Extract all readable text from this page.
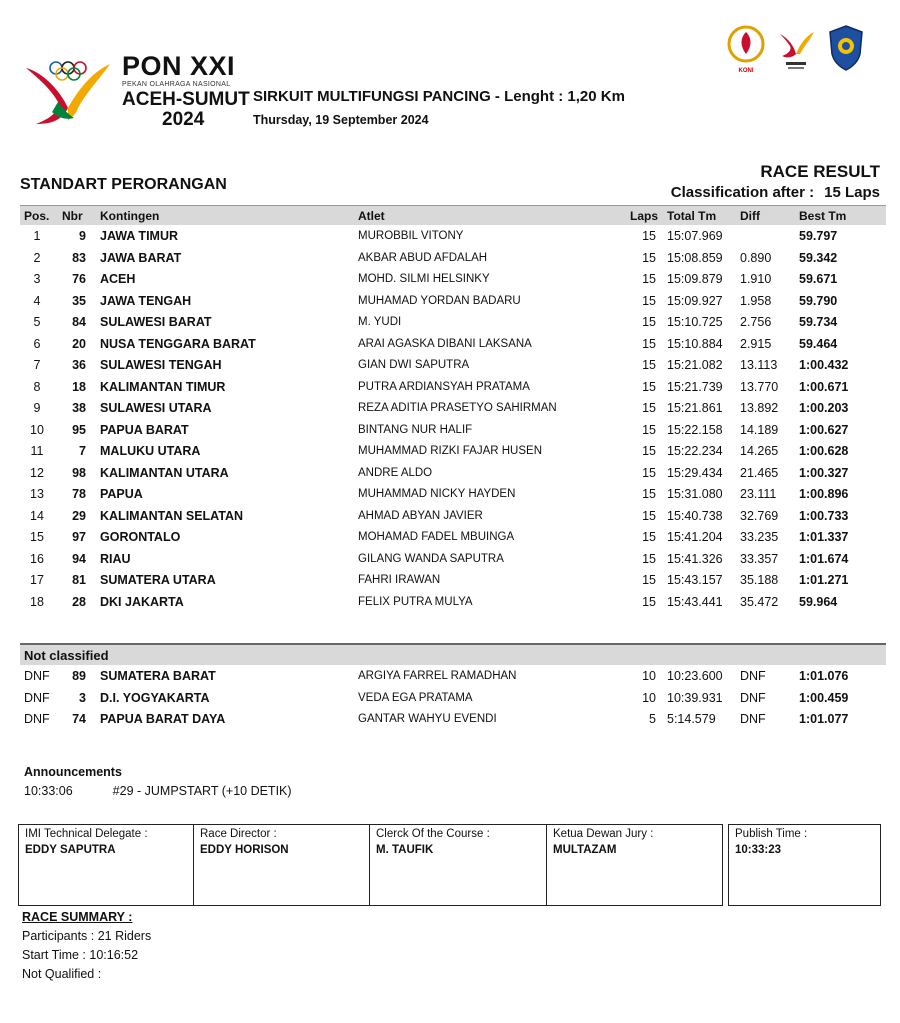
PON XXI
PEKAN OLAHRAGA NASIONAL
ACEH-SUMUT
2024
SIRKUIT MULTIFUNGSI PANCING - Lenght : 1,20 Km
Thursday, 19 September 2024
KONI
STANDART PERORANGAN
RACE RESULT
Classification after : 15 Laps
Pos.	Nbr	Kontingen	Atlet	Laps Total Tm Diff	Best Tm
1	9 JAWA TIMUR	MUROBBIL VITONY	15 15:07.969	59.797
2	83 JAWA BARAT	AKBAR ABUD AFDALAH	15 15:08.859 0.890 59.342
3	76 ACEH	MOHD. SILMI HELSINKY	15 15:09.879 1.910 59.671
4	35 JAWA TENGAH	MUHAMAD YORDAN BADARU	15 15:09.927 1.958 59.790
5	84 SULAWESI BARAT	M. YUDI	15 15:10.725 2.756 59.734
6	20 NUSA TENGGARA BARAT	ARAI AGASKA DIBANI LAKSANA	15 15:10.884 2.915 59.464
7	36 SULAWESI TENGAH	GIAN DWI SAPUTRA	15 15:21.082 13.113 1:00.432
8	18 KALIMANTAN TIMUR	PUTRA ARDIANSYAH PRATAMA	15 15:21.739 13.770 1:00.671
9	38 SULAWESI UTARA	REZA ADITIA PRASETYO SAHIRMAN	15 15:21.861 13.892 1:00.203
10	95 PAPUA BARAT	BINTANG NUR HALIF	15 15:22.158 14.189 1:00.627
11	7 MALUKU UTARA	MUHAMMAD RIZKI FAJAR HUSEN	15 15:22.234 14.265 1:00.628
12	98 KALIMANTAN UTARA	ANDRE ALDO	15 15:29.434 21.465 1:00.327
13	78 PAPUA	MUHAMMAD NICKY HAYDEN	15 15:31.080 23.111 1:00.896
14	29 KALIMANTAN SELATAN	AHMAD ABYAN JAVIER	15 15:40.738 32.769 1:00.733
15	97 GORONTALO	MOHAMAD FADEL MBUINGA	15 15:41.204 33.235 1:01.337
16	94 RIAU	GILANG WANDA SAPUTRA	15 15:41.326 33.357 1:01.674
17	81 SUMATERA UTARA	FAHRI IRAWAN	15 15:43.157 35.188 1:01.271
18	28 DKI JAKARTA	FELIX PUTRA MULYA	15 15:43.441 35.472 59.964
Not classified
DNF	89 SUMATERA BARAT	ARGIYA FARREL RAMADHAN	10 10:23.600 DNF	1:01.076
DNF	3 D.I. YOGYAKARTA	VEDA EGA PRATAMA	10 10:39.931 DNF	1:00.459
DNF	74 PAPUA BARAT DAYA	GANTAR WAHYU EVENDI	5 5:14.579 DNF	1:01.077
Announcements
10:33:06	#29 - JUMPSTART (+10 DETIK)
IMI Technical Delegate :
EDDY SAPUTRA
Race Director :
EDDY HORISON
Clerck Of the Course :
M. TAUFIK
Ketua Dewan Jury :
MULTAZAM
Publish Time :
10:33:23
RACE SUMMARY :
Participants : 21 Riders
Start Time : 10:16:52
Not Qualified :
